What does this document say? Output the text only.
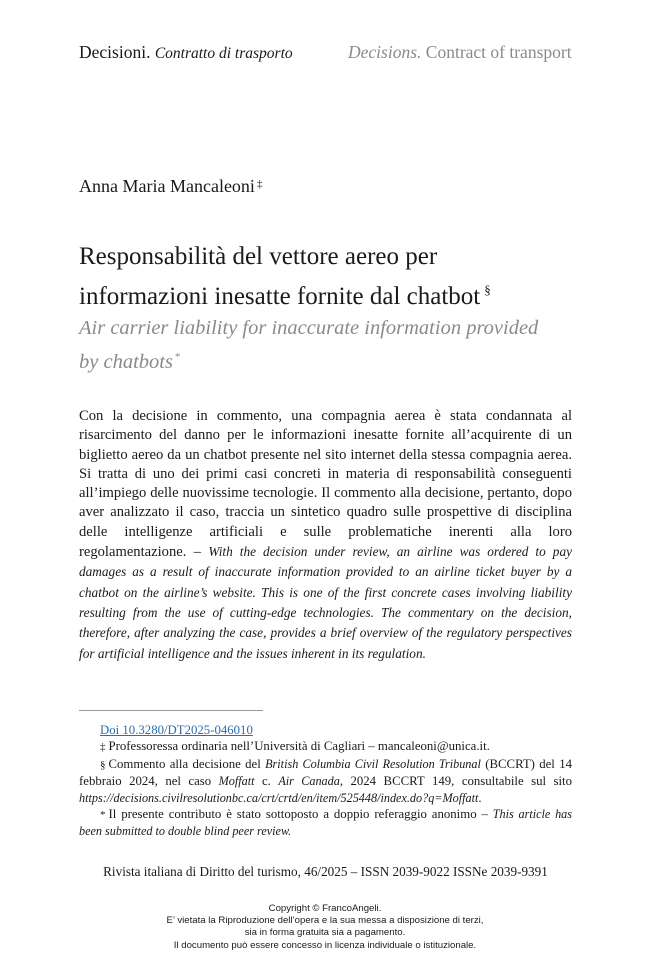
Decisioni. Contratto di trasporto	Decisions. Contract of transport
Anna Maria Mancaleoni ‡
Responsabilità del vettore aereo per
informazioni inesatte fornite dal chatbot §
Air carrier liability for inaccurate information provided by chatbots *
Con la decisione in commento, una compagnia aerea è stata condannata al risarcimento del danno per le informazioni inesatte fornite all’acquirente di un biglietto aereo da un chatbot presente nel sito internet della stessa compagnia aerea. Si tratta di uno dei primi casi concreti in materia di responsabilità conseguenti all’impiego delle nuovissime tecnologie. Il commento alla decisione, pertanto, dopo aver analizzato il caso, traccia un sintetico quadro sulle prospettive di disciplina delle intelligenze artificiali e sulle problematiche inerenti alla loro regolamentazione. – With the decision under review, an airline was ordered to pay damages as a result of inaccurate information provided to an airline ticket buyer by a chatbot on the airline’s website. This is one of the first concrete cases involving liability resulting from the use of cutting-edge technologies. The commentary on the decision, therefore, after analyzing the case, provides a brief overview of the regulatory perspectives for artificial intelligence and the issues inherent in its regulation.

Doi 10.3280/DT2025-046010

‡ Professoressa ordinaria nell’Università di Cagliari – mancaleoni@unica.it.

§ Commento alla decisione del British Columbia Civil Resolution Tribunal (BCCRT) del 14 febbraio 2024, nel caso Moffatt c. Air Canada, 2024 BCCRT 149, consultabile sul sito https://decisions.civilresolutionbc.ca/crt/crtd/en/item/525448/index.do?q=Moffatt.

* Il presente contributo è stato sottoposto a doppio referaggio anonimo – This article has been submitted to double blind peer review.

Rivista italiana di Diritto del turismo, 46/2025 – ISSN 2039-9022 ISSNe 2039-9391
Copyright © FrancoAngeli.
E’ vietata la Riproduzione dell’opera e la sua messa a disposizione di terzi,
sia in forma gratuita sia a pagamento.
Il documento può essere concesso in licenza individuale o istituzionale.
